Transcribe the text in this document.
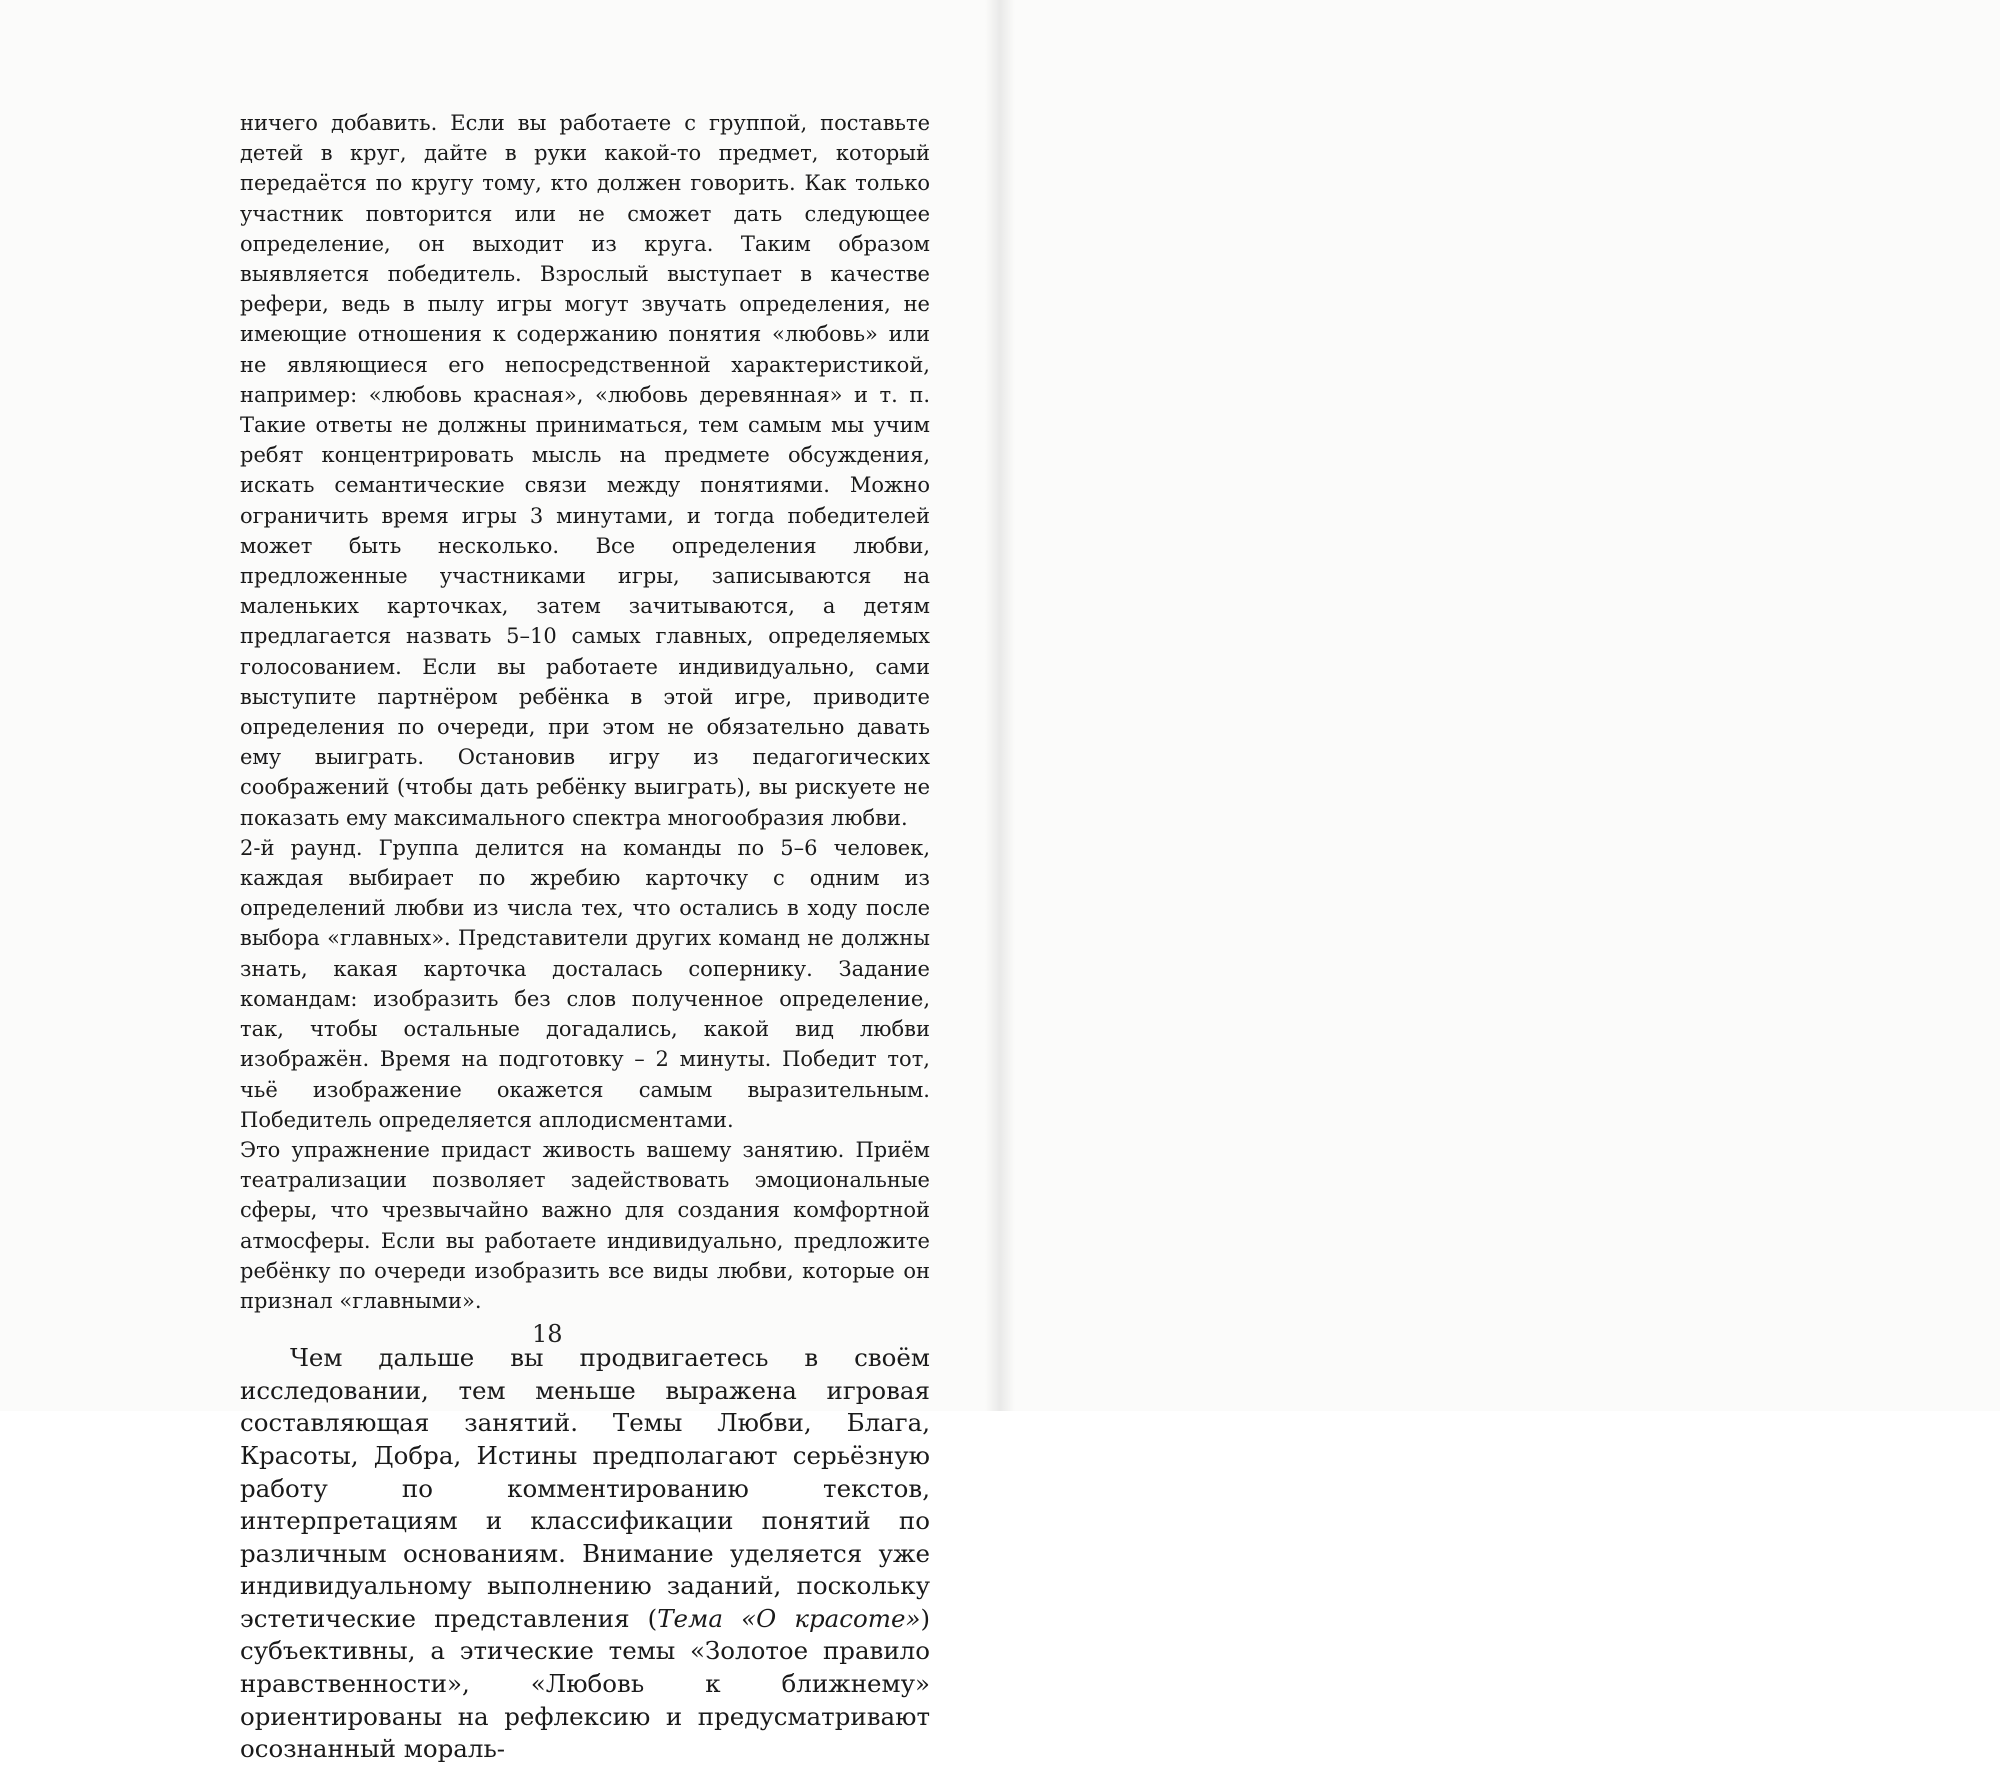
ничего добавить. Если вы работаете с группой, поставьте детей в круг, дайте в руки какой-то предмет, который передаётся по кругу тому, кто должен говорить. Как только участник повторится или не сможет дать следующее определение, он выходит из круга. Таким образом выявляется победитель. Взрослый выступает в качестве рефери, ведь в пылу игры могут звучать определения, не имеющие отношения к содержанию понятия «любовь» или не являющиеся его непосредственной характеристикой, например: «любовь красная», «любовь деревянная» и т. п. Такие ответы не должны приниматься, тем самым мы учим ребят концентрировать мысль на предмете обсуждения, искать семантические связи между понятиями. Можно ограничить время игры 3 минутами, и тогда победителей может быть несколько. Все определения любви, предложенные участниками игры, записываются на маленьких карточках, затем зачитываются, а детям предлагается назвать 5–10 самых главных, определяемых голосованием. Если вы работаете индивидуально, сами выступите партнёром ребёнка в этой игре, приводите определения по очереди, при этом не обязательно давать ему выиграть. Остановив игру из педагогических соображений (чтобы дать ребёнку выиграть), вы рискуете не показать ему максимального спектра многообразия любви.

2-й раунд. Группа делится на команды по 5–6 человек, каждая выбирает по жребию карточку с одним из определений любви из числа тех, что остались в ходу после выбора «главных». Представители других команд не должны знать, какая карточка досталась сопернику. Задание командам: изобразить без слов полученное определение, так, чтобы остальные догадались, какой вид любви изображён. Время на подготовку – 2 минуты. Победит тот, чьё изображение окажется самым выразительным. Победитель определяется аплодисментами.

Это упражнение придаст живость вашему занятию. Приём театрализации позволяет задействовать эмоциональные сферы, что чрезвычайно важно для создания комфортной атмосферы. Если вы работаете индивидуально, предложите ребёнку по очереди изобразить все виды любви, которые он признал «главными».

Чем дальше вы продвигаетесь в своём исследовании, тем меньше выражена игровая составляющая занятий. Темы Любви, Блага, Красоты, Добра, Истины предполагают серьёзную работу по комментированию текстов, интерпретациям и классификации понятий по различным основаниям. Внимание уделяется уже индивидуальному выполнению заданий, поскольку эстетические представления (Тема «О красоте») субъективны, а этические темы «Золотое правило нравственности», «Любовь к ближнему» ориентированы на рефлексию и предусматривают осознанный мораль-

18
